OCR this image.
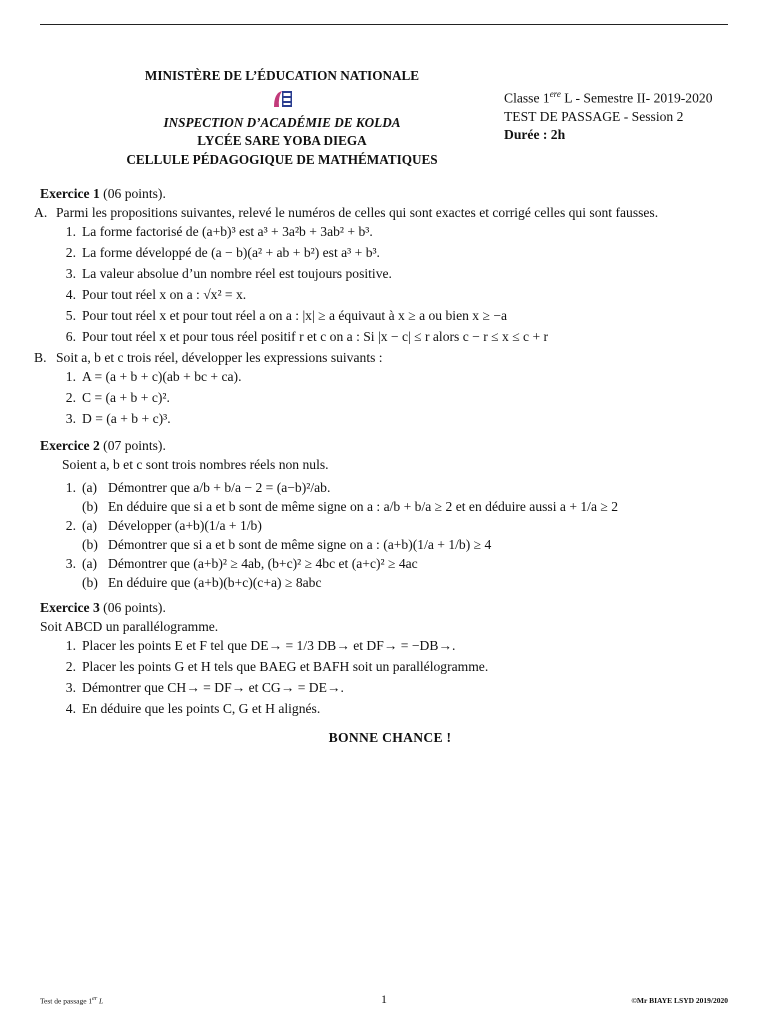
MINISTÈRE DE L’ÉDUCATION NATIONALE
INSPECTION D’ACADÉMIE DE KOLDA
LYCÉE SARE YOBA DIEGA
CELLULE PÉDAGOGIQUE DE MATHÉMATIQUES
Classe 1ere L - Semestre II- 2019-2020
TEST DE PASSAGE - Session 2
Durée : 2h
Exercice 1 (06 points).
A. Parmi les propositions suivantes, relevé le numéros de celles qui sont exactes et corrigé celles qui sont fausses.
1. La forme factorisé de (a+b)³ est a³ + 3a²b + 3ab² + b³.
2. La forme développé de (a − b)(a² + ab + b²) est a³ + b³.
3. La valeur absolue d’un nombre réel est toujours positive.
4. Pour tout réel x on a : √x² = x.
5. Pour tout réel x et pour tout réel a on a : |x| ≥ a équivaut à x ≥ a ou bien x ≥ −a
6. Pour tout réel x et pour tous réel positif r et c on a : Si |x − c| ≤ r alors c − r ≤ x ≤ c + r
B. Soit a, b et c trois réel, développer les expressions suivants :
1. A = (a + b + c)(ab + bc + ca).
2. C = (a + b + c)².
3. D = (a + b + c)³.
Exercice 2 (07 points).
Soient a, b et c sont trois nombres réels non nuls.
1. (a) Démontrer que a/b + b/a − 2 = (a−b)²/ab.
(b) En déduire que si a et b sont de même signe on a : a/b + b/a ≥ 2 et en déduire aussi a + 1/a ≥ 2
2. (a) Développer (a+b)(1/a + 1/b)
(b) Démontrer que si a et b sont de même signe on a : (a+b)(1/a + 1/b) ≥ 4
3. (a) Démontrer que (a+b)² ≥ 4ab, (b+c)² ≥ 4bc et (a+c)² ≥ 4ac
(b) En déduire que (a+b)(b+c)(c+a) ≥ 8abc
Exercice 3 (06 points).
Soit ABCD un parallélogramme.
1. Placer les points E et F tel que DE→ = 1/3 DB→ et DF→ = −DB→.
2. Placer les points G et H tels que BAEG et BAFH soit un parallélogramme.
3. Démontrer que CH→ = DF→ et CG→ = DE→.
4. En déduire que les points C, G et H alignés.
BONNE CHANCE !
Test de passage 1er L	1	©Mr BIAYE LSYD 2019/2020
